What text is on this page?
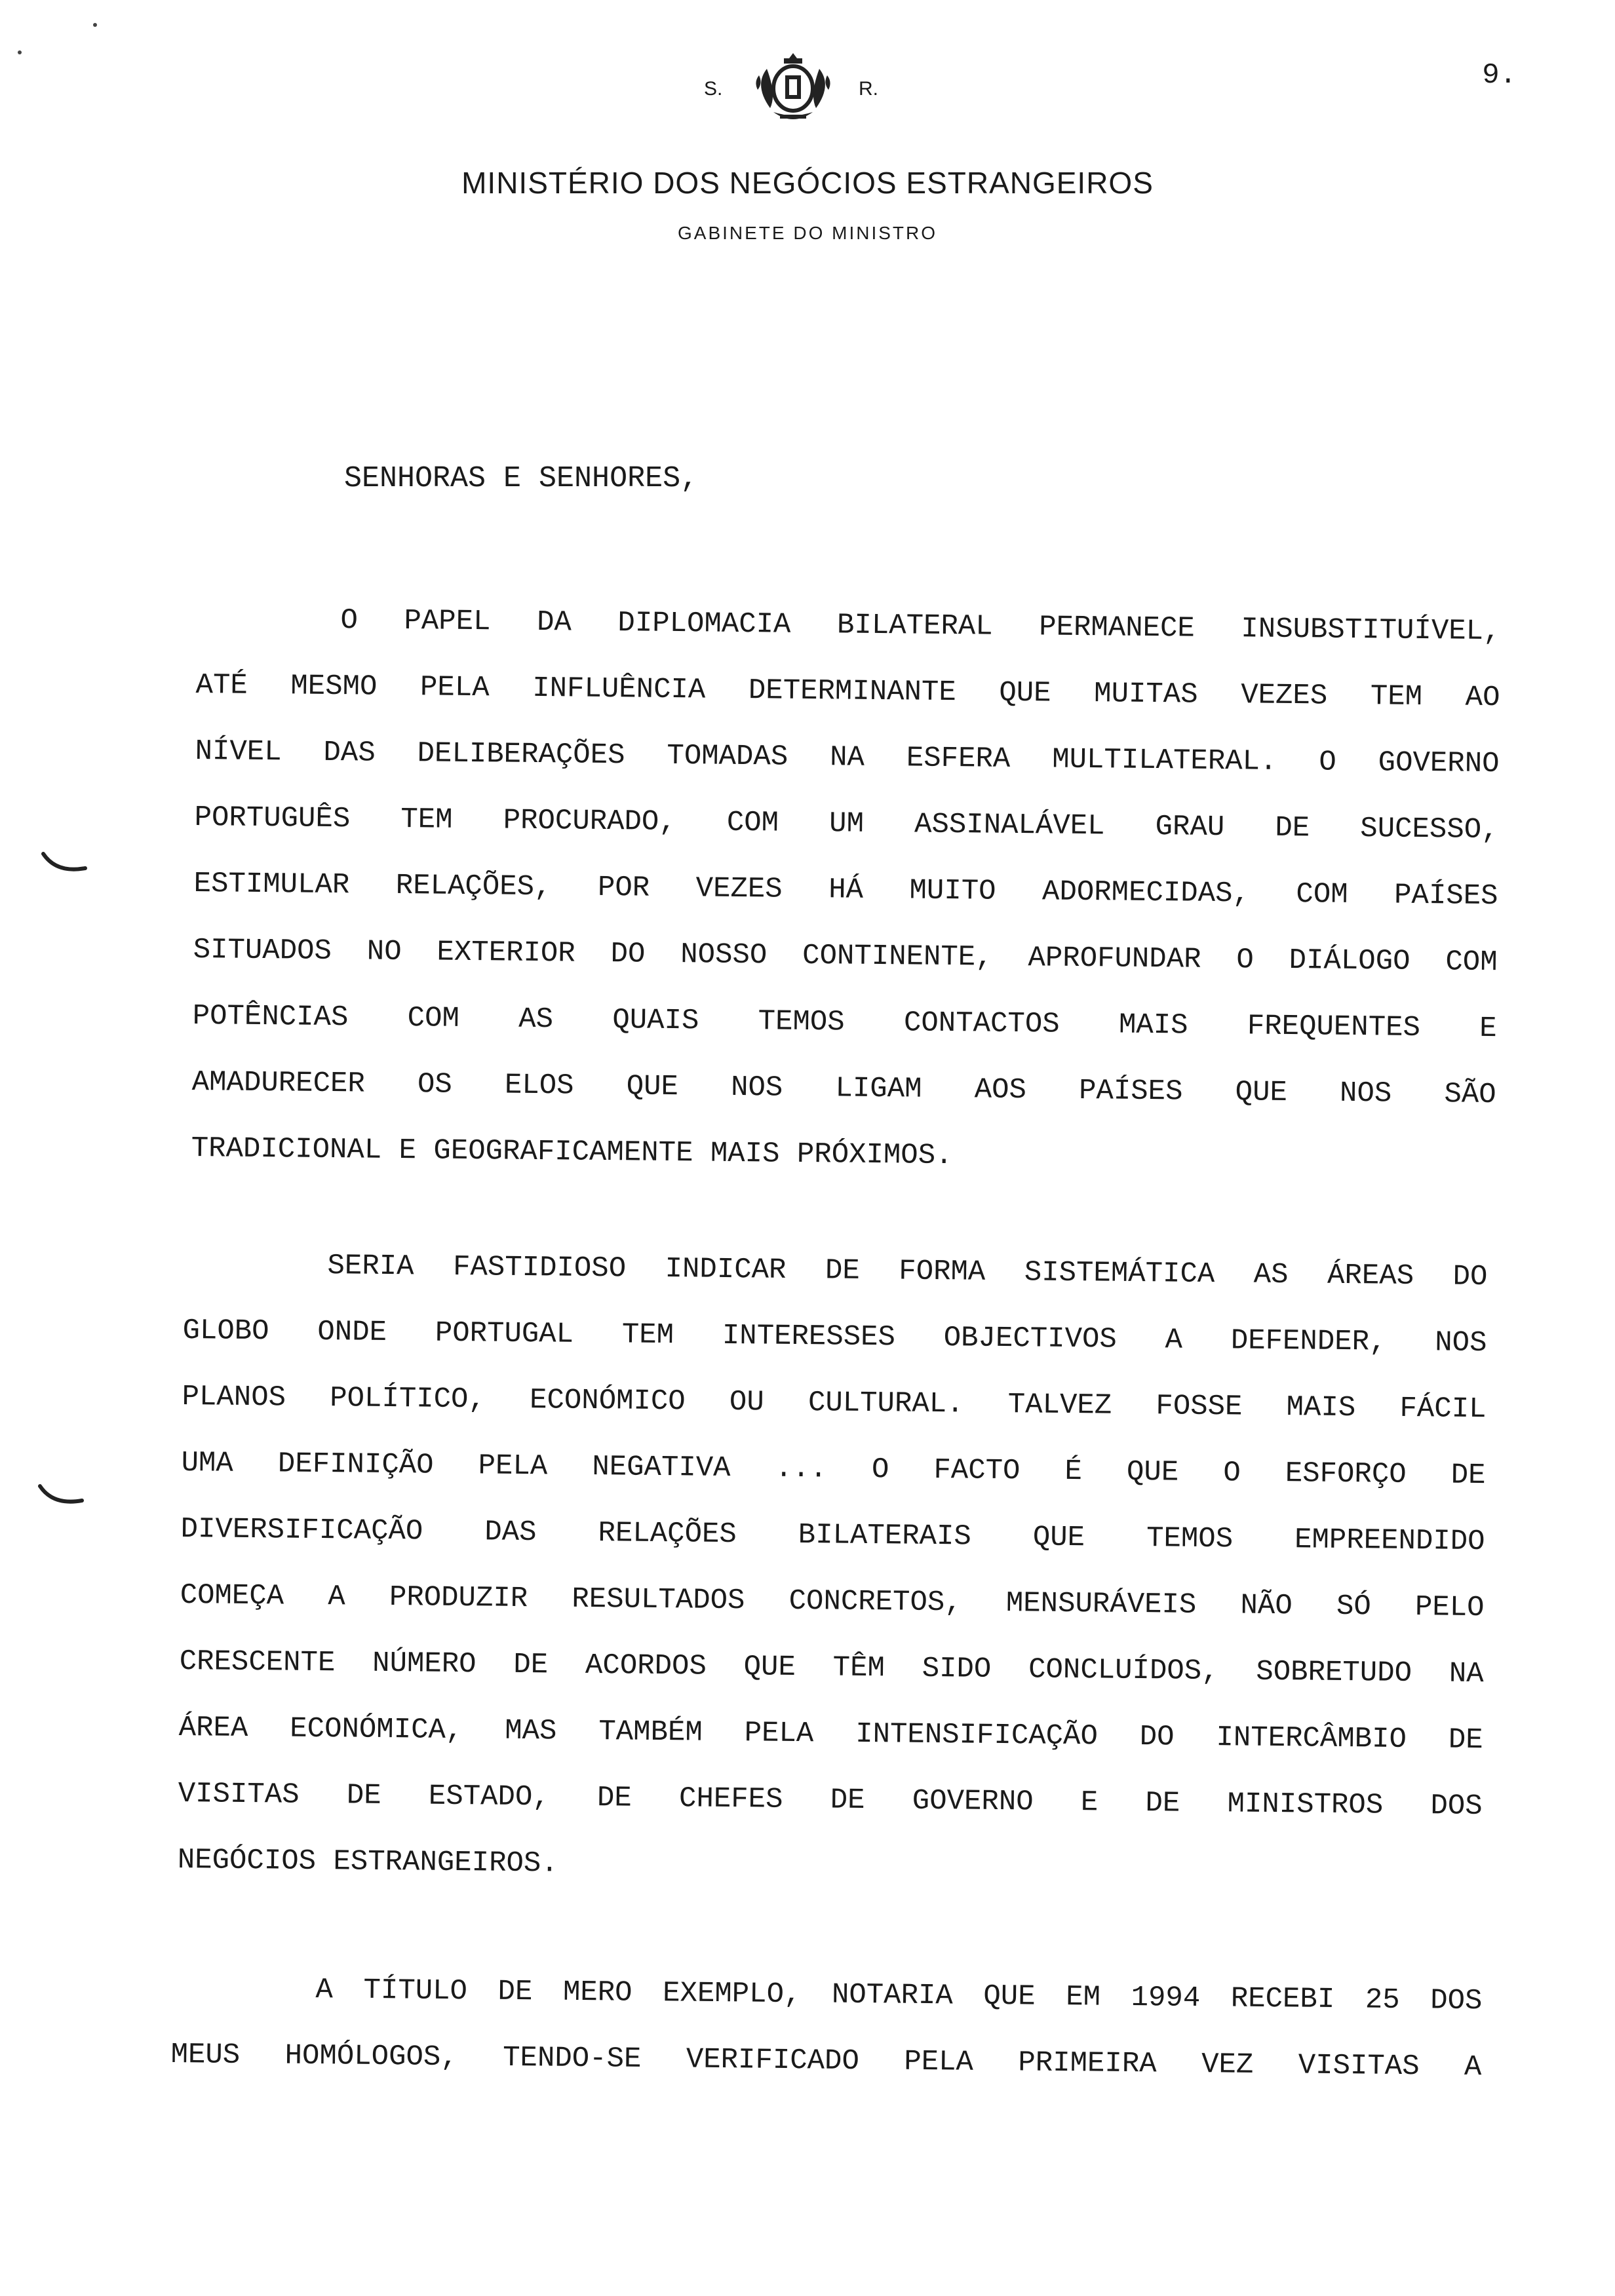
S.	R.	9.
MINISTÉRIO DOS NEGÓCIOS ESTRANGEIROS
GABINETE DO MINISTRO
SENHORAS E SENHORES,
O PAPEL DA DIPLOMACIA BILATERAL PERMANECE INSUBSTITUÍVEL,
ATÉ MESMO PELA INFLUÊNCIA DETERMINANTE QUE MUITAS VEZES TEM AO
NÍVEL DAS DELIBERAÇÕES TOMADAS NA ESFERA MULTILATERAL. O GOVERNO
PORTUGUÊS TEM PROCURADO, COM UM ASSINALÁVEL GRAU DE SUCESSO,
ESTIMULAR RELAÇÕES, POR VEZES HÁ MUITO ADORMECIDAS, COM PAÍSES
SITUADOS NO EXTERIOR DO NOSSO CONTINENTE, APROFUNDAR O DIÁLOGO COM
POTÊNCIAS COM AS QUAIS TEMOS CONTACTOS MAIS FREQUENTES E
AMADURECER OS ELOS QUE NOS LIGAM AOS PAÍSES QUE NOS SÃO
TRADICIONAL E GEOGRAFICAMENTE MAIS PRÓXIMOS.
SERIA FASTIDIOSO INDICAR DE FORMA SISTEMÁTICA AS ÁREAS DO
GLOBO ONDE PORTUGAL TEM INTERESSES OBJECTIVOS A DEFENDER, NOS
PLANOS POLÍTICO, ECONÓMICO OU CULTURAL. TALVEZ FOSSE MAIS FÁCIL
UMA DEFINIÇÃO PELA NEGATIVA ... O FACTO É QUE O ESFORÇO DE
DIVERSIFICAÇÃO DAS RELAÇÕES BILATERAIS QUE TEMOS EMPREENDIDO
COMEÇA A PRODUZIR RESULTADOS CONCRETOS, MENSURÁVEIS NÃO SÓ PELO
CRESCENTE NÚMERO DE ACORDOS QUE TÊM SIDO CONCLUÍDOS, SOBRETUDO NA
ÁREA ECONÓMICA, MAS TAMBÉM PELA INTENSIFICAÇÃO DO INTERCÂMBIO DE
VISITAS DE ESTADO, DE CHEFES DE GOVERNO E DE MINISTROS DOS
NEGÓCIOS ESTRANGEIROS.
A TÍTULO DE MERO EXEMPLO, NOTARIA QUE EM 1994 RECEBI 25 DOS
MEUS HOMÓLOGOS, TENDO-SE VERIFICADO PELA PRIMEIRA VEZ VISITAS A
